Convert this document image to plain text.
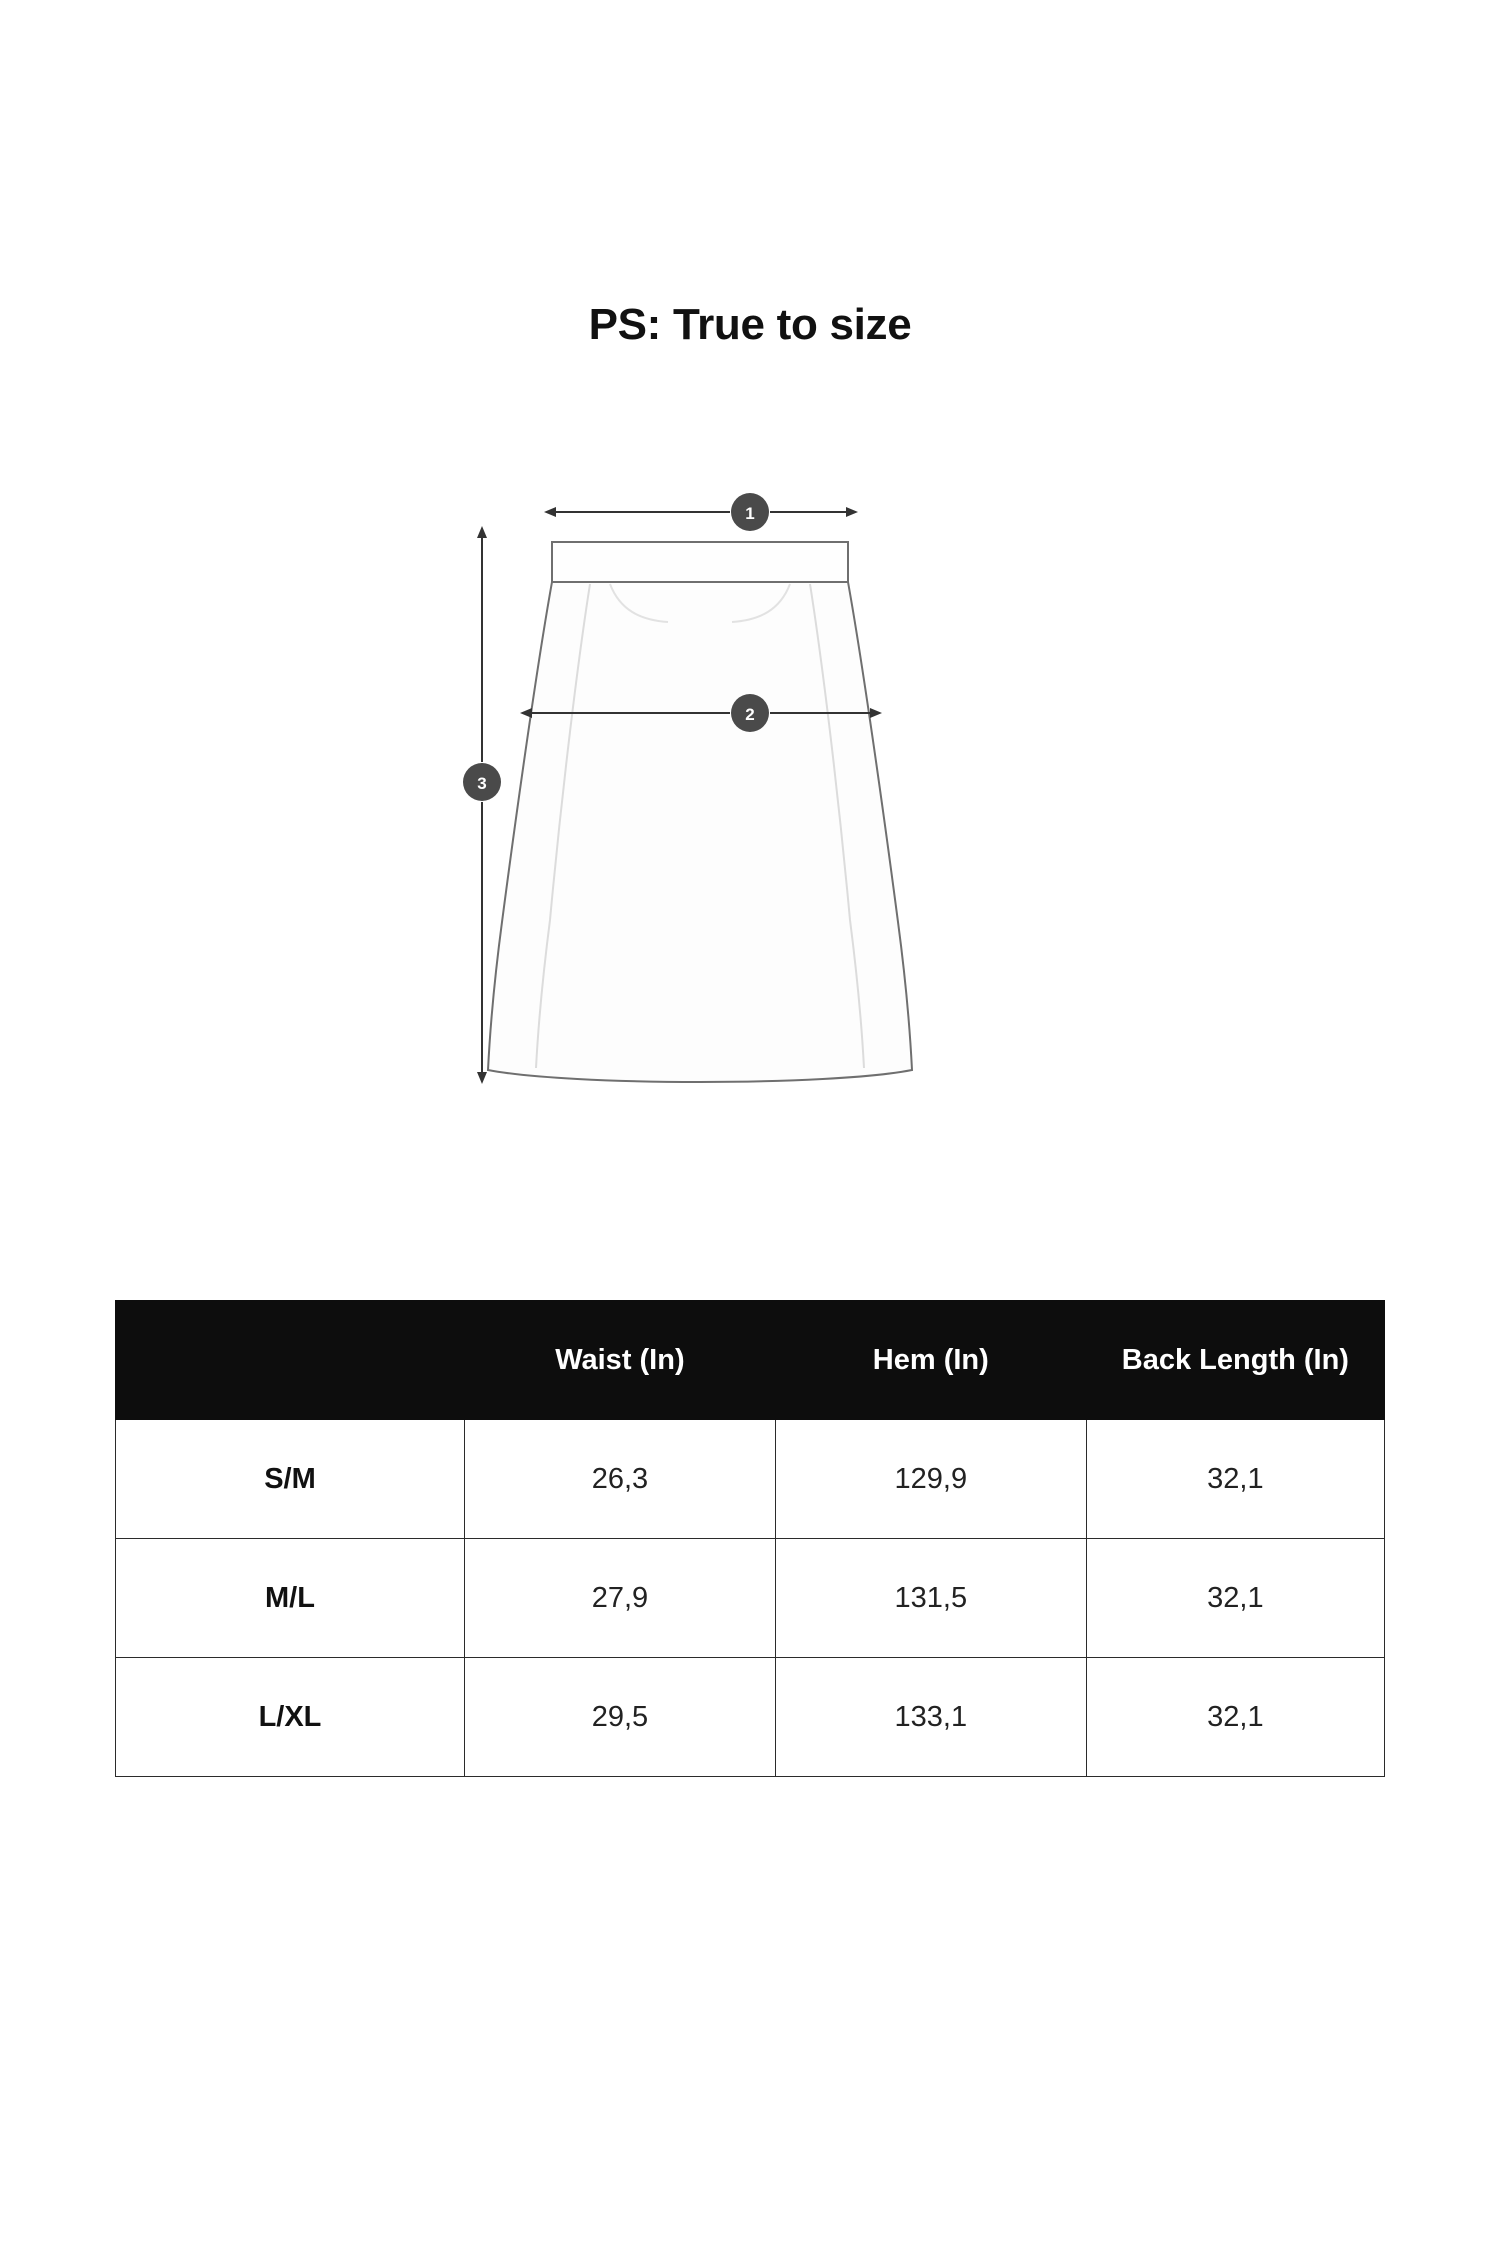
PS: True to size
1
2
3
	Waist (In)	Hem (In)	Back Length (In)
S/M	26,3	129,9	32,1
M/L	27,9	131,5	32,1
L/XL	29,5	133,1	32,1
